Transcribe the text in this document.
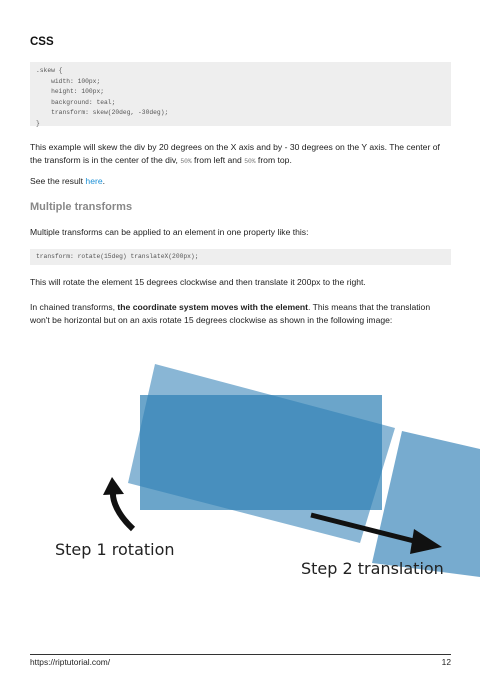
CSS
.skew {
width: 100px;
height: 100px;
background: teal;
transform: skew(20deg, -30deg);
}
This example will skew the div by 20 degrees on the X axis and by - 30 degrees on the Y axis. The center of the transform is in the center of the div, 50% from left and 50% from top.
See the result here.
Multiple transforms
Multiple transforms can be applied to an element in one property like this:
transform: rotate(15deg) translateX(200px);
This will rotate the element 15 degrees clockwise and then translate it 200px to the right.
In chained transforms, the coordinate system moves with the element. This means that the translation won't be horizontal but on an axis rotate 15 degrees clockwise as shown in the following image:
Step 1 rotation
Step 2 translation
https://riptutorial.com/	12
